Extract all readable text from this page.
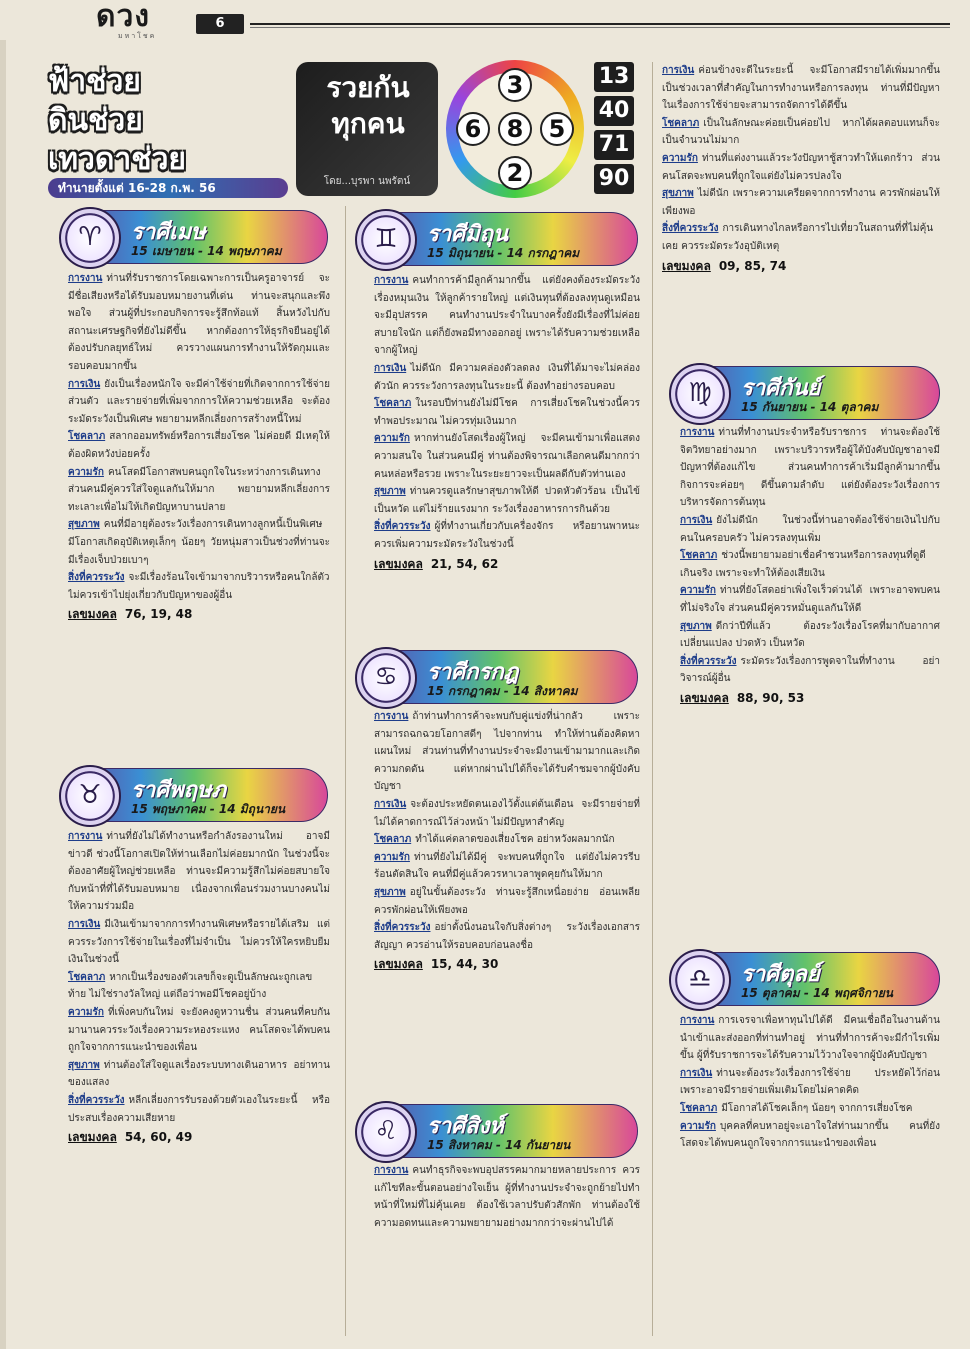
ดวง
มหาโชค
6
ฟ้าช่วย
ดินช่วย
เทวดาช่วย
ทำนายตั้งแต่ 16-28 ก.พ. 56
รวยกัน
ทุกคน
โดย...บุรพา นพรัตน์
3
6	8	5
2
13
40
71
90
♈	ราศีเมษ
15 เมษายน - 14 พฤษภาคม

การงาน ท่านที่รับราชการโดยเฉพาะการเป็นครูอาจารย์ จะมีชื่อเสียงหรือได้รับมอบหมายงานที่เด่น ท่านจะสนุกและพึงพอใจ ส่วนผู้ที่ประกอบกิจการจะรู้สึกท้อแท้ สิ้นหวังไปกับสถานะเศรษฐกิจที่ยังไม่ดีขึ้น หากต้องการให้ธุรกิจยืนอยู่ได้ต้องปรับกลยุทธ์ใหม่ ควรวางแผนการทำงานให้รัดกุมและรอบคอบมากขึ้น

การเงิน ยังเป็นเรื่องหนักใจ จะมีค่าใช้จ่ายที่เกิดจากการใช้จ่ายส่วนตัว และรายจ่ายที่เพิ่มจากการให้ความช่วยเหลือ จะต้องระมัดระวังเป็นพิเศษ พยายามหลีกเลี่ยงการสร้างหนี้ใหม่

โชคลาภ สลากออมทรัพย์หรือการเสี่ยงโชค ไม่ค่อยดี มีเหตุให้ต้องผิดหวังบ่อยครั้ง

ความรัก คนโสดมีโอกาสพบคนถูกใจในระหว่างการเดินทาง ส่วนคนมีคู่ควรใส่ใจดูแลกันให้มาก พยายามหลีกเลี่ยงการทะเลาะเพื่อไม่ให้เกิดปัญหาบานปลาย

สุขภาพ คนที่มีอายุต้องระวังเรื่องการเดินทางลูกหนี้เป็นพิเศษ มีโอกาสเกิดอุบัติเหตุเล็กๆ น้อยๆ วัยหนุ่มสาวเป็นช่วงที่ท่านจะมีเรื่องเจ็บป่วยเบาๆ

สิ่งที่ควรระวัง จะมีเรื่องร้อนใจเข้ามาจากบริวารหรือคนใกล้ตัว ไม่ควรเข้าไปยุ่งเกี่ยวกับปัญหาของผู้อื่น

เลขมงคล 76, 19, 48

♉	ราศีพฤษภ
15 พฤษภาคม - 14 มิถุนายน

การงาน ท่านที่ยังไม่ได้ทำงานหรือกำลังรองานใหม่ อาจมีข่าวดี ช่วงนี้โอกาสเปิดให้ท่านเลือกไม่ค่อยมากนัก ในช่วงนี้จะต้องอาศัยผู้ใหญ่ช่วยเหลือ ท่านจะมีความรู้สึกไม่ค่อยสบายใจกับหน้าที่ที่ได้รับมอบหมาย เนื่องจากเพื่อนร่วมงานบางคนไม่ให้ความร่วมมือ

การเงิน มีเงินเข้ามาจากการทำงานพิเศษหรือรายได้เสริม แต่ควรระวังการใช้จ่ายในเรื่องที่ไม่จำเป็น ไม่ควรให้ใครหยิบยืมเงินในช่วงนี้

โชคลาภ หากเป็นเรื่องของตัวเลขก็จะดูเป็นลักษณะถูกเลขท้าย ไม่ใช่รางวัลใหญ่ แต่ถือว่าพอมีโชคอยู่บ้าง

ความรัก ที่เพิ่งคบกันใหม่ จะยังคงดูหวานชื่น ส่วนคนที่คบกันมานานควรระวังเรื่องความระหองระแหง คนโสดจะได้พบคนถูกใจจากการแนะนำของเพื่อน

สุขภาพ ท่านต้องใส่ใจดูแลเรื่องระบบทางเดินอาหาร อย่าทานของแสลง

สิ่งที่ควรระวัง หลีกเลี่ยงการรับรองด้วยตัวเองในระยะนี้ หรือประสบเรื่องความเสียหาย

เลขมงคล 54, 60, 49

♊	ราศีมิถุน
15 มิถุนายน - 14 กรกฎาคม

การงาน คนทำการค้ามีลูกค้ามากขึ้น แต่ยังคงต้องระมัดระวังเรื่องหมุนเงิน ให้ลูกค้ารายใหญ่ แต่เงินทุนที่ต้องลงทุนดูเหมือนจะมีอุปสรรค คนทำงานประจำในบางครั้งยังมีเรื่องที่ไม่ค่อยสบายใจนัก แต่ก็ยังพอมีทางออกอยู่ เพราะได้รับความช่วยเหลือจากผู้ใหญ่

การเงิน ไม่ดีนัก มีความคล่องตัวลดลง เงินที่ได้มาจะไม่คล่องตัวนัก ควรระวังการลงทุนในระยะนี้ ต้องทำอย่างรอบคอบ

โชคลาภ ในรอบปีท่านยังไม่มีโชค การเสี่ยงโชคในช่วงนี้ควรทำพอประมาณ ไม่ควรทุ่มเงินมาก

ความรัก หากท่านยังโสดเรื่องผู้ใหญ่ จะมีคนเข้ามาเพื่อแสดงความสนใจ ในส่วนคนมีคู่ ท่านต้องพิจารณาเลือกคนดีมากกว่าคนหล่อหรือรวย เพราะในระยะยาวจะเป็นผลดีกับตัวท่านเอง

สุขภาพ ท่านควรดูแลรักษาสุขภาพให้ดี ปวดหัวตัวร้อน เป็นไข้ เป็นหวัด แต่ไม่ร้ายแรงมาก ระวังเรื่องอาหารการกินด้วย

สิ่งที่ควรระวัง ผู้ที่ทำงานเกี่ยวกับเครื่องจักร หรือยานพาหนะ ควรเพิ่มความระมัดระวังในช่วงนี้

เลขมงคล 21, 54, 62

♋	ราศีกรกฎ
15 กรกฎาคม - 14 สิงหาคม

การงาน ถ้าท่านทำการค้าจะพบกับคู่แข่งที่น่ากลัว เพราะสามารถฉกฉวยโอกาสดีๆ ไปจากท่าน ทำให้ท่านต้องคิดหาแผนใหม่ ส่วนท่านที่ทำงานประจำจะมีงานเข้ามามากและเกิดความกดดัน แต่หากผ่านไปได้ก็จะได้รับคำชมจากผู้บังคับบัญชา

การเงิน จะต้องประหยัดตนเองไว้ตั้งแต่ต้นเดือน จะมีรายจ่ายที่ไม่ได้คาดการณ์ไว้ล่วงหน้า ไม่มีปัญหาสำคัญ

โชคลาภ ทำได้แค่ตลาดของเสี่ยงโชค อย่าหวังผลมากนัก

ความรัก ท่านที่ยังไม่ได้มีคู่ จะพบคนที่ถูกใจ แต่ยังไม่ควรรีบร้อนตัดสินใจ คนที่มีคู่แล้วควรหาเวลาพูดคุยกันให้มาก

สุขภาพ อยู่ในขั้นต้องระวัง ท่านจะรู้สึกเหนื่อยง่าย อ่อนเพลีย ควรพักผ่อนให้เพียงพอ

สิ่งที่ควรระวัง อย่าตั้งนิ่งนอนใจกับสิ่งต่างๆ ระวังเรื่องเอกสารสัญญา ควรอ่านให้รอบคอบก่อนลงชื่อ

เลขมงคล 15, 44, 30

♌	ราศีสิงห์
15 สิงหาคม - 14 กันยายน

การงาน คนทำธุรกิจจะพบอุปสรรคมากมายหลายประการ ควรแก้ไขทีละขั้นตอนอย่างใจเย็น ผู้ที่ทำงานประจำจะถูกย้ายไปทำหน้าที่ใหม่ที่ไม่คุ้นเคย ต้องใช้เวลาปรับตัวสักพัก ท่านต้องใช้ความอดทนและความพยายามอย่างมากกว่าจะผ่านไปได้

การเงิน ค่อนข้างจะดีในระยะนี้ จะมีโอกาสมีรายได้เพิ่มมากขึ้น เป็นช่วงเวลาที่สำคัญในการทำงานหรือการลงทุน ท่านที่มีปัญหาในเรื่องการใช้จ่ายจะสามารถจัดการได้ดีขึ้น

โชคลาภ เป็นในลักษณะค่อยเป็นค่อยไป หากได้ผลตอบแทนก็จะเป็นจำนวนไม่มาก

ความรัก ท่านที่แต่งงานแล้วระวังปัญหาชู้สาวทำให้แตกร้าว ส่วนคนโสดจะพบคนที่ถูกใจแต่ยังไม่ควรปลงใจ

สุขภาพ ไม่ดีนัก เพราะความเครียดจากการทำงาน ควรพักผ่อนให้เพียงพอ

สิ่งที่ควรระวัง การเดินทางไกลหรือการไปเที่ยวในสถานที่ที่ไม่คุ้นเคย ควรระมัดระวังอุบัติเหตุ

เลขมงคล 09, 85, 74

♍	ราศีกันย์
15 กันยายน - 14 ตุลาคม

การงาน ท่านที่ทำงานประจำหรือรับราชการ ท่านจะต้องใช้จิตวิทยาอย่างมาก เพราะบริวารหรือผู้ใต้บังคับบัญชาอาจมีปัญหาที่ต้องแก้ไข ส่วนคนทำการค้าเริ่มมีลูกค้ามากขึ้น กิจการจะค่อยๆ ดีขึ้นตามลำดับ แต่ยังต้องระวังเรื่องการบริหารจัดการต้นทุน

การเงิน ยังไม่ดีนัก ในช่วงนี้ท่านอาจต้องใช้จ่ายเงินไปกับคนในครอบครัว ไม่ควรลงทุนเพิ่ม

โชคลาภ ช่วงนี้พยายามอย่าเชื่อคำชวนหรือการลงทุนที่ดูดีเกินจริง เพราะจะทำให้ต้องเสียเงิน

ความรัก ท่านที่ยังโสดอย่าเพิ่งใจเร็วด่วนได้ เพราะอาจพบคนที่ไม่จริงใจ ส่วนคนมีคู่ควรหมั่นดูแลกันให้ดี

สุขภาพ ดีกว่าปีที่แล้ว ต้องระวังเรื่องโรคที่มากับอากาศเปลี่ยนแปลง ปวดหัว เป็นหวัด

สิ่งที่ควรระวัง ระมัดระวังเรื่องการพูดจาในที่ทำงาน อย่าวิจารณ์ผู้อื่น

เลขมงคล 88, 90, 53

♎	ราศีตุลย์
15 ตุลาคม - 14 พฤศจิกายน

การงาน การเจรจาเพื่อหาทุนไปได้ดี มีคนเชื่อถือในงานด้านนำเข้าและส่งออกที่ท่านทำอยู่ ท่านที่ทำการค้าจะมีกำไรเพิ่มขึ้น ผู้ที่รับราชการจะได้รับความไว้วางใจจากผู้บังคับบัญชา

การเงิน ท่านจะต้องระวังเรื่องการใช้จ่าย ประหยัดไว้ก่อนเพราะอาจมีรายจ่ายเพิ่มเติมโดยไม่คาดคิด

โชคลาภ มีโอกาสได้โชคเล็กๆ น้อยๆ จากการเสี่ยงโชค

ความรัก บุคคลที่คบหาอยู่จะเอาใจใส่ท่านมากขึ้น คนที่ยังโสดจะได้พบคนถูกใจจากการแนะนำของเพื่อน
